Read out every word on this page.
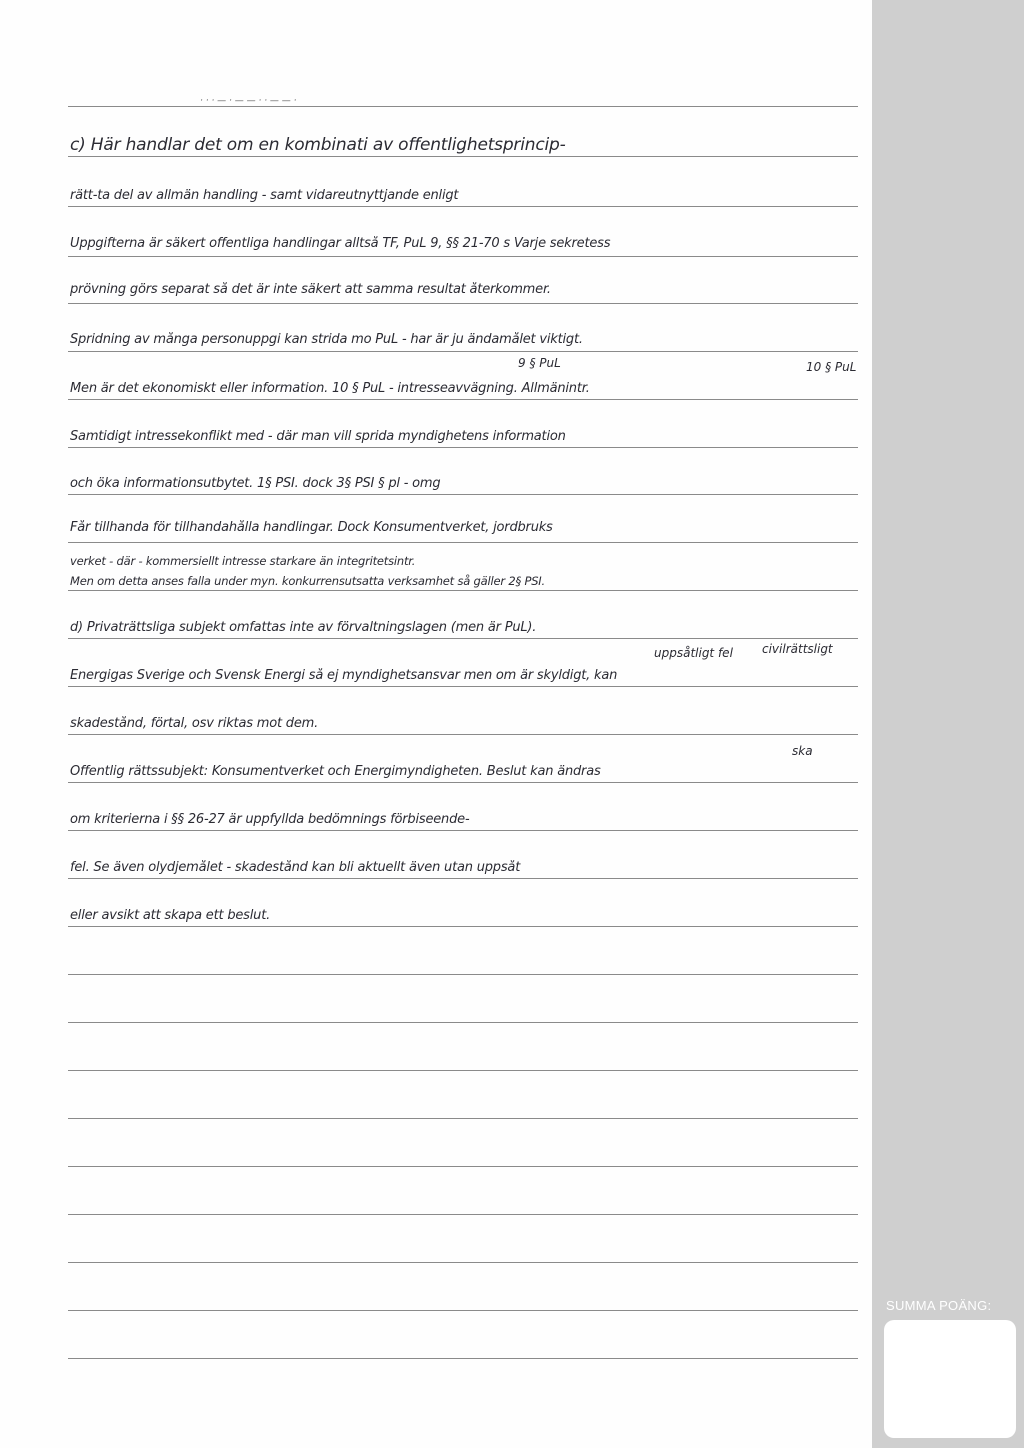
· · · — · — — · · — — ·
c) Här handlar det om en kombinati av offentlighetsprincip-
rätt-ta del av allmän handling - samt vidareutnyttjande enligt
Uppgifterna är säkert offentliga handlingar alltså TF, PuL 9, §§ 21-70 s Varje sekretess
prövning görs separat så det är inte säkert att samma resultat återkommer.
Spridning av många personuppgi kan strida mo PuL - har är ju ändamålet viktigt.
Men är det ekonomiskt eller information. 10 § PuL - intresseavvägning. Allmänintr.
Samtidigt intressekonflikt med - där man vill sprida myndighetens information
och öka informationsutbytet. 1§ PSI. dock 3§ PSI § pl - omg
Får tillhanda för tillhandahålla handlingar. Dock Konsumentverket, jordbruks
verket - där - kommersiellt intresse starkare än integritetsintr.
Men om detta anses falla under myn. konkurrensutsatta verksamhet så gäller 2§ PSI.
d) Privaträttsliga subjekt omfattas inte av förvaltningslagen (men är PuL).
Energigas Sverige och Svensk Energi så ej myndighetsansvar men om är skyldigt, kan
skadestånd, förtal, osv riktas mot dem.
Offentlig rättssubjekt: Konsumentverket och Energimyndigheten. Beslut kan ändras
om kriterierna i §§ 26-27 är uppfyllda bedömnings förbiseende-
fel. Se även olydjemålet - skadestånd kan bli aktuellt även utan uppsåt
eller avsikt att skapa ett beslut.
9 § PuL	10 § PuL
uppsåtligt fel civilrättsligt
ska
SUMMA POÄNG:
